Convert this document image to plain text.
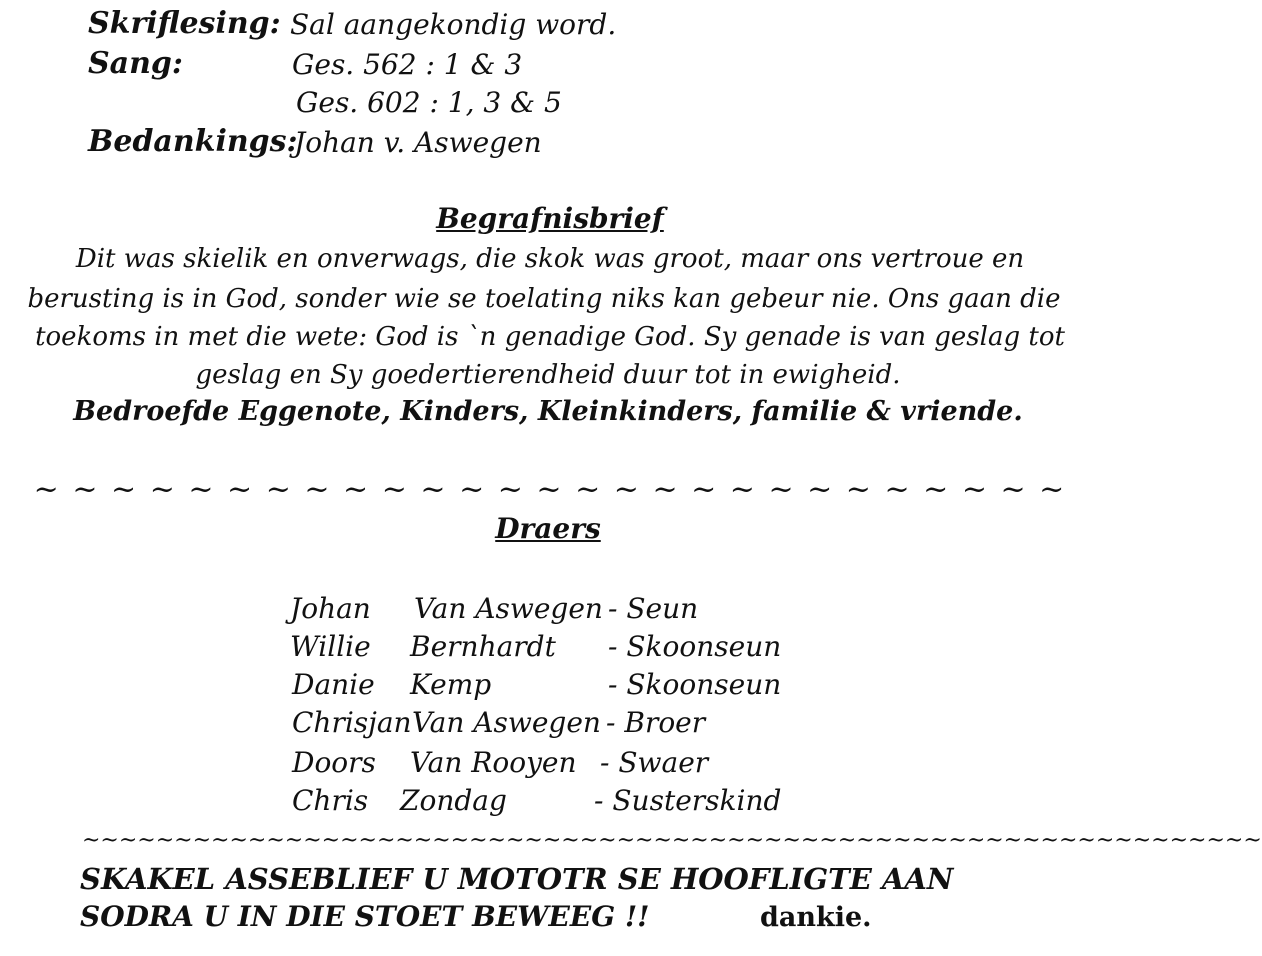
Skriflesing: Sal aangekondig word.
Sang:	Ges. 562 : 1 & 3
Ges. 602 : 1, 3 & 5
Bedankings:
Johan v. Aswegen
Begrafnisbrief
Dit was skielik en onverwags, die skok was groot, maar ons vertroue en
berusting is in God, sonder wie se toelating niks kan gebeur nie. Ons gaan die
toekoms in met die wete: God is `n genadige God. Sy genade is van geslag tot
geslag en Sy goedertierendheid duur tot in ewigheid.
Bedroefde Eggenote, Kinders, Kleinkinders, familie & vriende.
~ ~ ~ ~ ~ ~ ~ ~ ~ ~ ~ ~ ~ ~ ~ ~ ~ ~ ~ ~ ~ ~ ~ ~ ~ ~ ~
Draers
Johan Van Aswegen - Seun
Willie Bernhardt - Skoonseun
Danie Kemp	- Skoonseun
Chrisjan Van Aswegen - Broer
Doors Van Rooyen - Swaer
Chris Zondag	- Susterskind
~~~~~~~~~~~~~~~~~~~~~~~~~~~~~~~~~~~~~~~~~~~~~~~~~~~~~~~~~~~~~~~~
SKAKEL ASSEBLIEF U MOTOTR SE HOOFLIGTE AAN
SODRA U IN DIE STOET BEWEEG !!	dankie.
